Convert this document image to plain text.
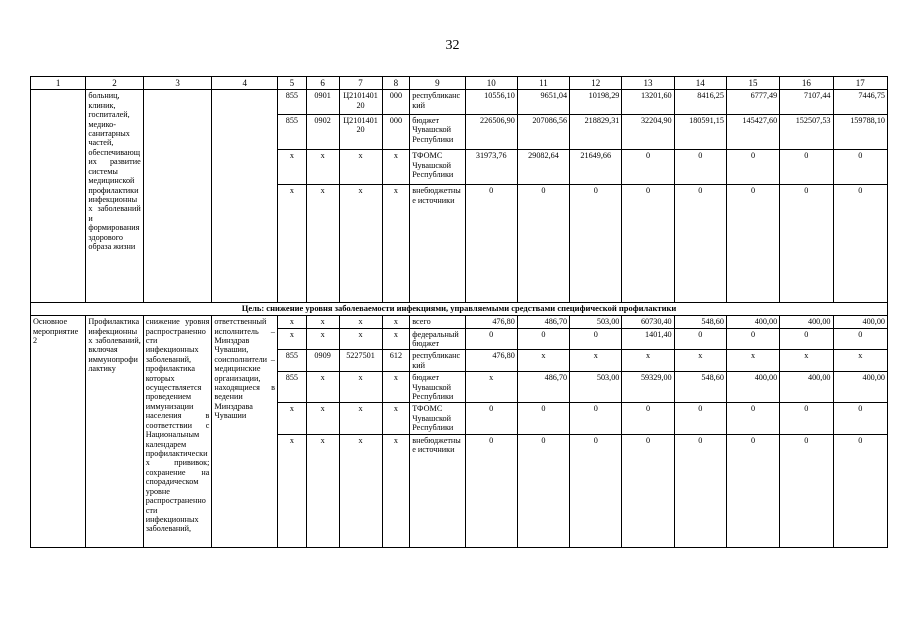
32
1	2	3	4	5	6	7	8	9	10	11	12	13	14	15	16	17
	больниц, клиник, госпиталей, медико-санитарных частей, обеспечивающих развитие системы медицинской профилактики инфекционных заболеваний и формирования здорового образа жизни			855	0901	Ц210140120	000	республиканский	10556,10	9651,04	10198,29	13201,60	8416,25	6777,49	7107,44	7446,75
				855	0902	Ц210140120	000	бюджет Чувашской Республики	226506,90	207086,56	218829,31	32204,90	180591,15	145427,60	152507,53	159788,10
				x	x	x	x	ТФОМС Чувашской Республики	31973,76	29082,64	21649,66	0	0	0	0	0
				x	x	x	x	внебюджетные источники	0	0	0	0	0	0	0	0
Цель: снижение уровня заболеваемости инфекциями, управляемыми средствами специфической профилактики																
Основное мероприятие 2	Профилактика инфекционных заболеваний, включая иммунопрофилактику	снижение уровня распространенности инфекционных заболеваний, профилактика которых осуществляется проведением иммунизации населения в соответствии с Национальным календарем профилактических прививок; сохранение на спорадическом уровне распространенности инфекционных заболеваний,	ответственный исполнитель – Минздрав Чувашии, соисполнители – медицинские организации, находящиеся в ведении Минздрава Чувашии	x	x	x	x	всего	476,80	486,70	503,00	60730,40	548,60	400,00	400,00	400,00
				x	x	x	x	федеральный бюджет	0	0	0	1401,40	0	0	0	0
				855	0909	5227501	612	республиканский	476,80	x	x	x	x	x	x	x
				855	x	x	x	бюджет Чувашской Республики	x	486,70	503,00	59329,00	548,60	400,00	400,00	400,00
				x	x	x	x	ТФОМС Чувашской Республики	0	0	0	0	0	0	0	0
				x	x	x	x	внебюджетные источники	0	0	0	0	0	0	0	0
